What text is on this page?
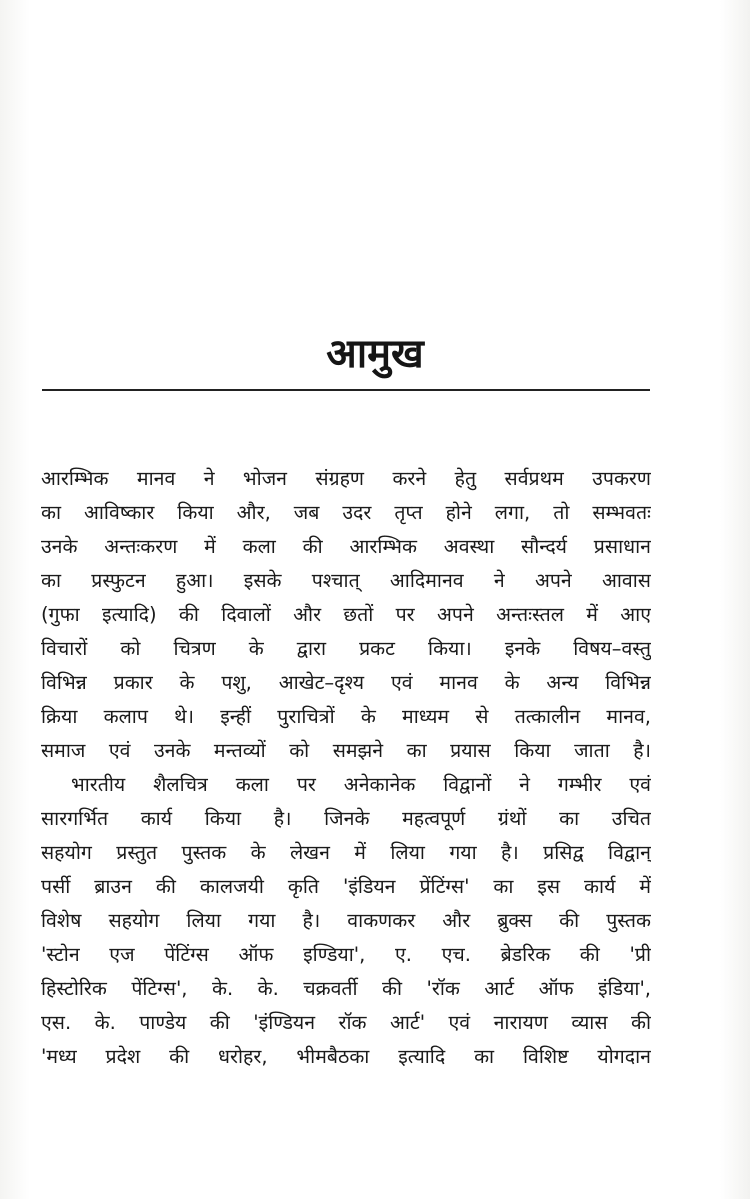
आमुख
आरम्भिक मानव ने भोजन संग्रहण करने हेतु सर्वप्रथम उपकरण
का आविष्कार किया और, जब उदर तृप्त होने लगा, तो सम्भवतः
उनके अन्तःकरण में कला की आरम्भिक अवस्था सौन्दर्य प्रसाधान
का प्रस्फुटन हुआ। इसके पश्चात् आदिमानव ने अपने आवास
(गुफा इत्यादि) की दिवालों और छतों पर अपने अन्तःस्तल में आए
विचारों को चित्रण के द्वारा प्रकट किया। इनके विषय–वस्तु
विभिन्न प्रकार के पशु, आखेट–दृश्य एवं मानव के अन्य विभिन्न
क्रिया कलाप थे। इन्हीं पुराचित्रों के माध्यम से तत्कालीन मानव,
समाज एवं उनके मन्तव्यों को समझने का प्रयास किया जाता है।
भारतीय शैलचित्र कला पर अनेकानेक विद्वानों ने गम्भीर एवं
सारगर्भित कार्य किया है। जिनके महत्वपूर्ण ग्रंथों का उचित
सहयोग प्रस्तुत पुस्तक के लेखन में लिया गया है। प्रसिद्व विद्वान्
पर्सी ब्राउन की कालजयी कृति 'इंडियन प्रेंटिंग्स' का इस कार्य में
विशेष सहयोग लिया गया है। वाकणकर और ब्रुक्स की पुस्तक
'स्टोन एज पेंटिंग्स ऑफ इण्डिया', ए. एच. ब्रेडरिक की 'प्री
हिस्टोरिक पेंटिग्स', के. के. चक्रवर्ती की 'रॉक आर्ट ऑफ इंडिया',
एस. के. पाण्डेय की 'इंण्डियन रॉक आर्ट' एवं नारायण व्यास की
'मध्य प्रदेश की धरोहर, भीमबैठका इत्यादि का विशिष्ट योगदान
